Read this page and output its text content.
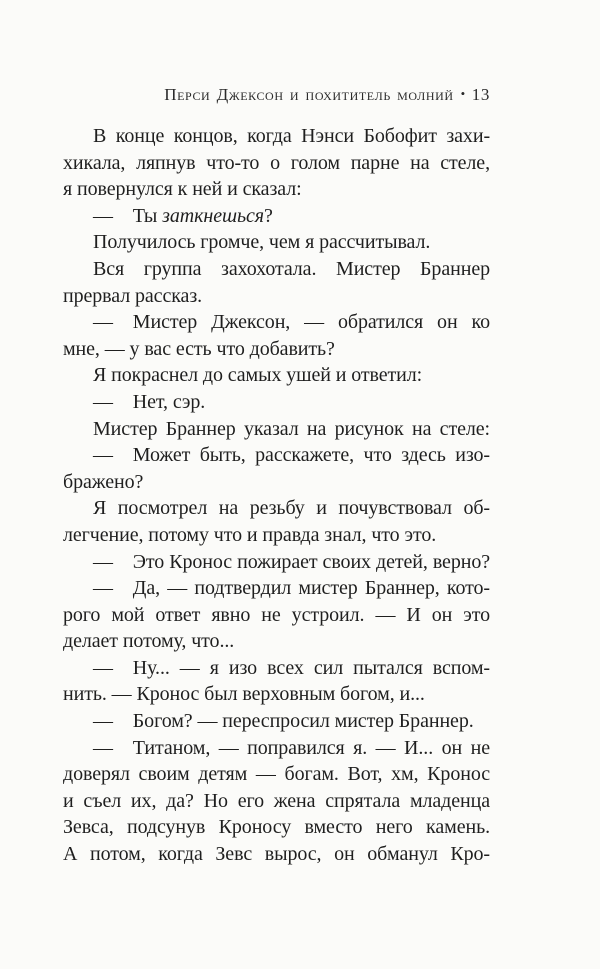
Перси Джексон и похититель молний • 13
В конце концов, когда Нэнси Бобофит захи-
хикала, ляпнув что-то о голом парне на стеле,
я повернулся к ней и сказал:
— Ты заткнешься?
Получилось громче, чем я рассчитывал.
Вся группа захохотала. Мистер Браннер
прервал рассказ.
— Мистер Джексон, — обратился он ко
мне, — у вас есть что добавить?
Я покраснел до самых ушей и ответил:
— Нет, сэр.
Мистер Браннер указал на рисунок на стеле:
— Может быть, расскажете, что здесь изо-
бражено?
Я посмотрел на резьбу и почувствовал об-
легчение, потому что и правда знал, что это.
— Это Кронос пожирает своих детей, верно?
— Да, — подтвердил мистер Браннер, кото-
рого мой ответ явно не устроил. — И он это
делает потому, что...
— Ну... — я изо всех сил пытался вспом-
нить. — Кронос был верховным богом, и...
— Богом? — переспросил мистер Браннер.
— Титаном, — поправился я. — И... он не
доверял своим детям — богам. Вот, хм, Кронос
и съел их, да? Но его жена спрятала младенца
Зевса, подсунув Кроносу вместо него камень.
А потом, когда Зевс вырос, он обманул Кро-
